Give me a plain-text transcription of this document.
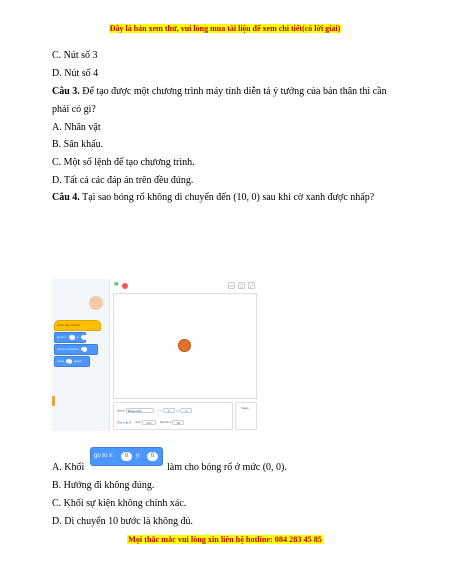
Đây là bản xem thử, vui lòng mua tài liệu để xem chi tiết(có lời giải)
C. Nút số 3
D. Nút số 4
Câu 3. Để tạo được một chương trình máy tính diễn tả ý tưởng của bản thân thì cần
phải có gì?
A. Nhân vật
B. Sân khấu.
C. Một số lệnh để tạo chương trình.
D. Tất cả các đáp án trên đều đúng.
Câu 4. Tại sao bóng rổ không di chuyển đến (10, 0) sau khi cờ xanh được nhấp?
when flag clicked
go to x: 0 y: 0
point in direction 90
move 10 steps
⚑	▭	▢	⤢
Sprite Basketball	↔ x 0 ↕ y 0
Show ◉ ⊘ Size 100	Direction 90
Stage
go to x:	0	y:	0
A. Khối	làm cho bóng rổ ở mức (0, 0).
B. Hướng đi không đúng.
C. Khối sự kiện không chính xác.
D. Di chuyển 10 bước là không đủ.
Mọi thắc mắc vui lòng xin liên hệ hotline: 084 283 45 85
